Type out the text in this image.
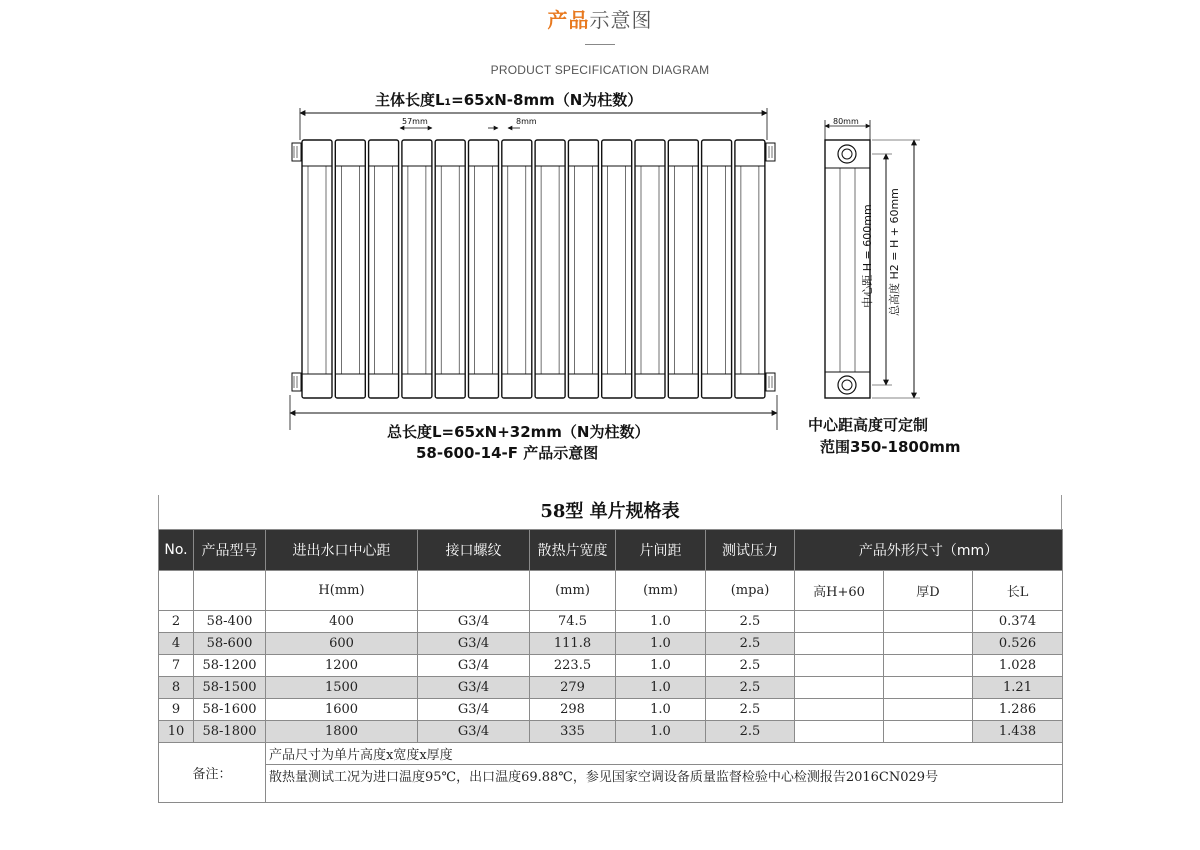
产品示意图
PRODUCT SPECIFICATION DIAGRAM
主体长度L₁=65xN-8mm（N为柱数）
57mm	8mm
总长度L=65xN+32mm（N为柱数）
58-600-14-F 产品示意图
80mm
中心距 H = 600mm 总高度 H2 = H + 60mm
中心距高度可定制
范围350-1800mm
58型 单片规格表
No.	产品型号	进出水口中心距	接口螺纹	散热片宽度	片间距	测试压力	产品外形尺寸（mm）		
		H(mm)		(mm)	(mm)	(mpa)	高H+60	厚D	长L
2	58-400	400	G3/4	74.5	1.0	2.5			0.374
4	58-600	600	G3/4	111.8	1.0	2.5			0.526
7	58-1200	1200	G3/4	223.5	1.0	2.5			1.028
8	58-1500	1500	G3/4	279	1.0	2.5			1.21
9	58-1600	1600	G3/4	298	1.0	2.5			1.286
10	58-1800	1800	G3/4	335	1.0	2.5			1.438
备注：		产品尺寸为单片高度x宽度x厚度							
		散热量测试工况为进口温度95℃，出口温度69.88℃，参见国家空调设备质量监督检验中心检测报告2016CN029号							
